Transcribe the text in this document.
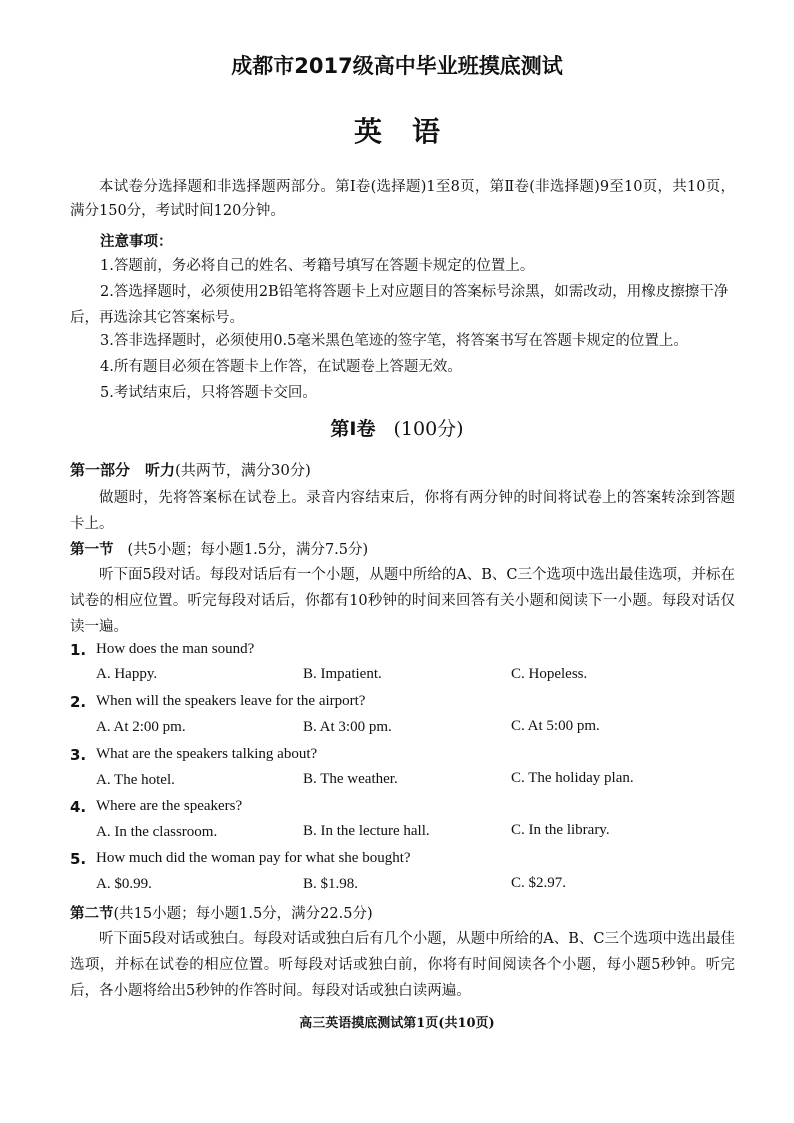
成都市2017级高中毕业班摸底测试
英语
本试卷分选择题和非选择题两部分。第Ⅰ卷(选择题)1至8页，第Ⅱ卷(非选择题)9至10页，共10页，满分150分，考试时间120分钟。
注意事项：
1.答题前，务必将自己的姓名、考籍号填写在答题卡规定的位置上。
2.答选择题时，必须使用2B铅笔将答题卡上对应题目的答案标号涂黑，如需改动，用橡皮擦擦干净后，再选涂其它答案标号。
3.答非选择题时，必须使用0.5毫米黑色笔迹的签字笔，将答案书写在答题卡规定的位置上。
4.所有题目必须在答题卡上作答，在试题卷上答题无效。
5.考试结束后，只将答题卡交回。
第Ⅰ卷 (100分)
第一部分　听力(共两节，满分30分)
做题时，先将答案标在试卷上。录音内容结束后，你将有两分钟的时间将试卷上的答案转涂到答题卡上。
第一节 (共5小题；每小题1.5分，满分7.5分)
听下面5段对话。每段对话后有一个小题，从题中所给的A、B、C三个选项中选出最佳选项，并标在试卷的相应位置。听完每段对话后，你都有10秒钟的时间来回答有关小题和阅读下一小题。每段对话仅读一遍。
1. How does the man sound?
A. Happy.	B. Impatient.	C. Hopeless.
2. When will the speakers leave for the airport?
A. At 2:00 pm.	B. At 3:00 pm.	C. At 5:00 pm.
3. What are the speakers talking about?
A. The hotel.	B. The weather.	C. The holiday plan.
4. Where are the speakers?
A. In the classroom.	B. In the lecture hall.	C. In the library.
5. How much did the woman pay for what she bought?
A. $0.99.	B. $1.98.	C. $2.97.
第二节(共15小题；每小题1.5分，满分22.5分)
听下面5段对话或独白。每段对话或独白后有几个小题，从题中所给的A、B、C三个选项中选出最佳选项，并标在试卷的相应位置。听每段对话或独白前，你将有时间阅读各个小题，每小题5秒钟。听完后，各小题将给出5秒钟的作答时间。每段对话或独白读两遍。
高三英语摸底测试第1页(共10页)
